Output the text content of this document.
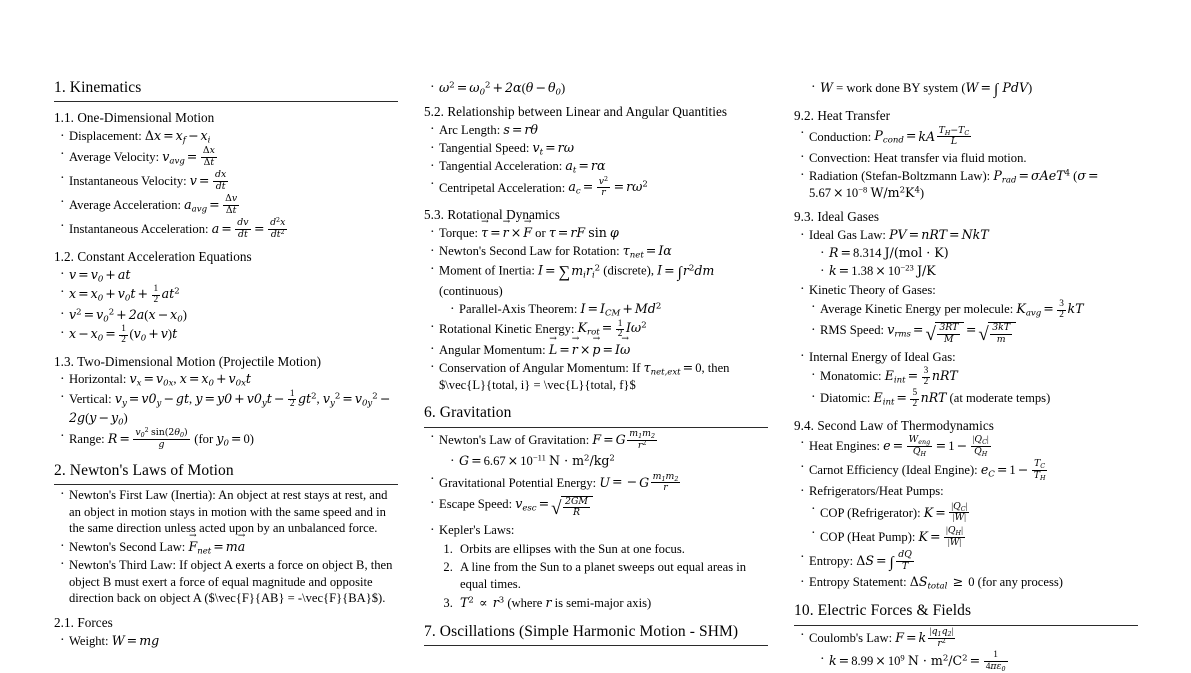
1. Kinematics
1.1. One-Dimensional Motion
· Displacement: $\Delta x = x_f - x_i$
· Average Velocity: $v_{avg} = \frac{\Delta x}{\Delta t}$
· Instantaneous Velocity: $v = \frac{dx}{dt}$
· Average Acceleration: $a_{avg} = \frac{\Delta v}{\Delta t}$
· Instantaneous Acceleration: $a = \frac{dv}{dt} = \frac{d^2x}{dt^2}$
1.2. Constant Acceleration Equations
· $v = v_0$ + at
· $x = x_0 + v_0t + \frac{1}{2} at^2$
· $v^2 = v_0^2 + 2a(x - x_0)$
· $x - x_0 = \frac{1}{2} (v_0 + v)t$
1.3. Two-Dimensional Motion (Projectile Motion)
· Horizontal: $v_x = v_{0x}$, $x = x_0 + v_{0x}t$
· Vertical: $v_y = v0_y$ − gt, $y = y0 + v0_yt - \frac{1}{2} gt^2$, $v_y^2 = v_{0y}^2 - 2g(y - y_0)$
· Range: $R = \frac{v_0^2 \sin(2\theta_0)}{g} (for$ $y_0 = 0$)
2. Newton's Laws of Motion
· Newton's First Law (Inertia): An object at rest stays at rest, and an object in motion stays in motion with the same speed and in the same direction unless acted upon by an unbalanced force.
· Newton's Second Law: $F \to_{net}$ = ma →
· Newton's Third Law: If object A exerts a force on object B, then object B must exert a force of equal magnitude and opposite direction back on object A ($\vec{F}{AB} = -\vec{F}{BA}$).
2.1. Forces
· Weight: W = mg
· $\omega^2 = \omega_0^2 + 2\alpha(\theta - \theta_0)$
5.2. Relationship between Linear and Angular Quantities
· Arc Length: s = rθ
· Tangential Speed: $v_t = r\omega$
· Tangential Acceleration: $a_t = r\alpha$
· Centripetal Acceleration: $a_c = \frac{v^2}{r} = r\omega^2$
5.3. Rotational Dynamics
· Torque: τ → = r → × F → or τ = rF sin φ
· Newton's Second Law for Rotation: $\tau_{net} = I\alpha$
· Moment of Inertia: $I = \sum m_ir_i^2$ (discrete), $I = \int r^2dm$ (continuous)
· Parallel-Axis Theorem: $I = I_{CM} + Md^2$
· Rotational Kinetic Energy: $K_{rot} = \frac{1}{2} I\omega^2$
· Angular Momentum: L → = r → × p → = Iω →
· Conservation of Angular Momentum: If $\tau_{net,ext} = 0$, then $\vec{L}{total, i} = \vec{L}{total, f}$
6. Gravitation
· Newton's Law of Gravitation: F = G $\frac{m_1m_2}{r^2}$
· $G = 6.67 \times 10^{-11}$ $N \cdot m^2/kg^2$
· Gravitational Potential Energy: U = − G $\frac{m_1m_2}{r}$
· Escape Speed: $v_{esc}$ = √ $\frac{2GM}{R}$
· Kepler's Laws:
1. Orbits are ellipses with the Sun at one focus.
2. A line from the Sun to a planet sweeps out equal areas in equal times.
3. $T^2 \propto r^3$ (where r is semi-major axis)
7. Oscillations (Simple Harmonic Motion - SHM)
· W = work done BY system (W = ∫ PdV)
9.2. Heat Transfer
· Conduction: $P_{cond}$ = kA $\frac{T_H-T_C}{L}$
· Convection: Heat transfer via fluid motion.
· Radiation (Stefan-Boltzmann Law): $P_{rad} = \sigma AeT^4$ ($\sigma = 5.67 \times 10^{-8}$ $W/m^2K^4$)
9.3. Ideal Gases
· Ideal Gas Law: PV = nRT = NkT
· R = 8.314 J/(mol · K)
· $k = 1.38 \times 10^{-23}$ J/K
· Kinetic Theory of Gases:
· Average Kinetic Energy per molecule: $K_{avg} = \frac{3}{2}$ kT
· RMS Speed: $v_{rms}$ = √ $\frac{3RT}{M}$ = √ $\frac{3kT}{m}$
· Internal Energy of Ideal Gas:
· Monatomic: $E_{int} = \frac{3}{2}$ nRT
· Diatomic: $E_{int} = \frac{5}{2}$ nRT (at moderate temps)
9.4. Second Law of Thermodynamics
· Heat Engines: $e = \frac{W_{eng}}{Q_H} = 1 - \frac{|Q_C|}{Q_H}$
· Carnot Efficiency (Ideal Engine): $e_C = 1 - \frac{T_C}{T_H}$
· Refrigerators/Heat Pumps:
· COP (Refrigerator): $K = \frac{|Q_C|}{|W|}$
· COP (Heat Pump): $K = \frac{|Q_H|}{|W|}$
· Entropy: ΔS = ∫ $\frac{dQ}{T}$
· Entropy Statement: $\Delta S_{total} \ge 0$ (for any process)
10. Electric Forces & Fields
· Coulomb's Law: F = k $\frac{|q_1q_2|}{r^2}$
· $k = 8.99 \times 10^9$ $N \cdot m^2/C^2 = \frac{1}{4\pi\varepsilon_0}$
